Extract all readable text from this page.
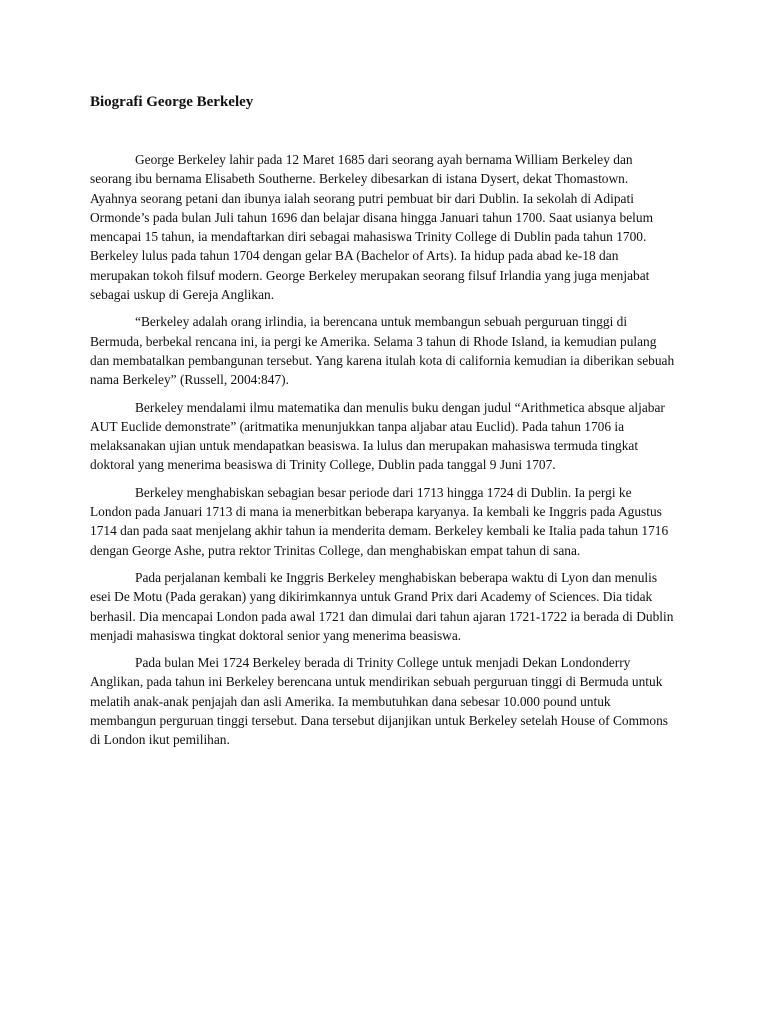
Biografi George Berkeley

George Berkeley lahir pada 12 Maret 1685 dari seorang ayah bernama William Berkeley dan seorang ibu bernama Elisabeth Southerne. Berkeley dibesarkan di istana Dysert, dekat Thomastown. Ayahnya seorang petani dan ibunya ialah seorang putri pembuat bir dari Dublin. Ia sekolah di Adipati Ormonde’s pada bulan Juli tahun 1696 dan belajar disana hingga Januari tahun 1700. Saat usianya belum mencapai 15 tahun, ia mendaftarkan diri sebagai mahasiswa Trinity College di Dublin pada tahun 1700. Berkeley lulus pada tahun 1704 dengan gelar BA (Bachelor of Arts). Ia hidup pada abad ke-18 dan merupakan tokoh filsuf modern. George Berkeley merupakan seorang filsuf Irlandia yang juga menjabat sebagai uskup di Gereja Anglikan.

“Berkeley adalah orang irlindia, ia berencana untuk membangun sebuah perguruan tinggi di Bermuda, berbekal rencana ini, ia pergi ke Amerika. Selama 3 tahun di Rhode Island, ia kemudian pulang dan membatalkan pembangunan tersebut. Yang karena itulah kota di california kemudian ia diberikan sebuah nama Berkeley” (Russell, 2004:847).

Berkeley mendalami ilmu matematika dan menulis buku dengan judul “Arithmetica absque aljabar AUT Euclide demonstrate” (aritmatika menunjukkan tanpa aljabar atau Euclid). Pada tahun 1706 ia melaksanakan ujian untuk mendapatkan beasiswa. Ia lulus dan merupakan mahasiswa termuda tingkat doktoral yang menerima beasiswa di Trinity College, Dublin pada tanggal 9 Juni 1707.

Berkeley menghabiskan sebagian besar periode dari 1713 hingga 1724 di Dublin. Ia pergi ke London pada Januari 1713 di mana ia menerbitkan beberapa karyanya. Ia kembali ke Inggris pada Agustus 1714 dan pada saat menjelang akhir tahun ia menderita demam. Berkeley kembali ke Italia pada tahun 1716 dengan George Ashe, putra rektor Trinitas College, dan menghabiskan empat tahun di sana.

Pada perjalanan kembali ke Inggris Berkeley menghabiskan beberapa waktu di Lyon dan menulis esei De Motu (Pada gerakan) yang dikirimkannya untuk Grand Prix dari Academy of Sciences. Dia tidak berhasil. Dia mencapai London pada awal 1721 dan dimulai dari tahun ajaran 1721-1722 ia berada di Dublin menjadi mahasiswa tingkat doktoral senior yang menerima beasiswa.

Pada bulan Mei 1724 Berkeley berada di Trinity College untuk menjadi Dekan Londonderry Anglikan, pada tahun ini Berkeley berencana untuk mendirikan sebuah perguruan tinggi di Bermuda untuk melatih anak-anak penjajah dan asli Amerika. Ia membutuhkan dana sebesar 10.000 pound untuk membangun perguruan tinggi tersebut. Dana tersebut dijanjikan untuk Berkeley setelah House of Commons di London ikut pemilihan.
